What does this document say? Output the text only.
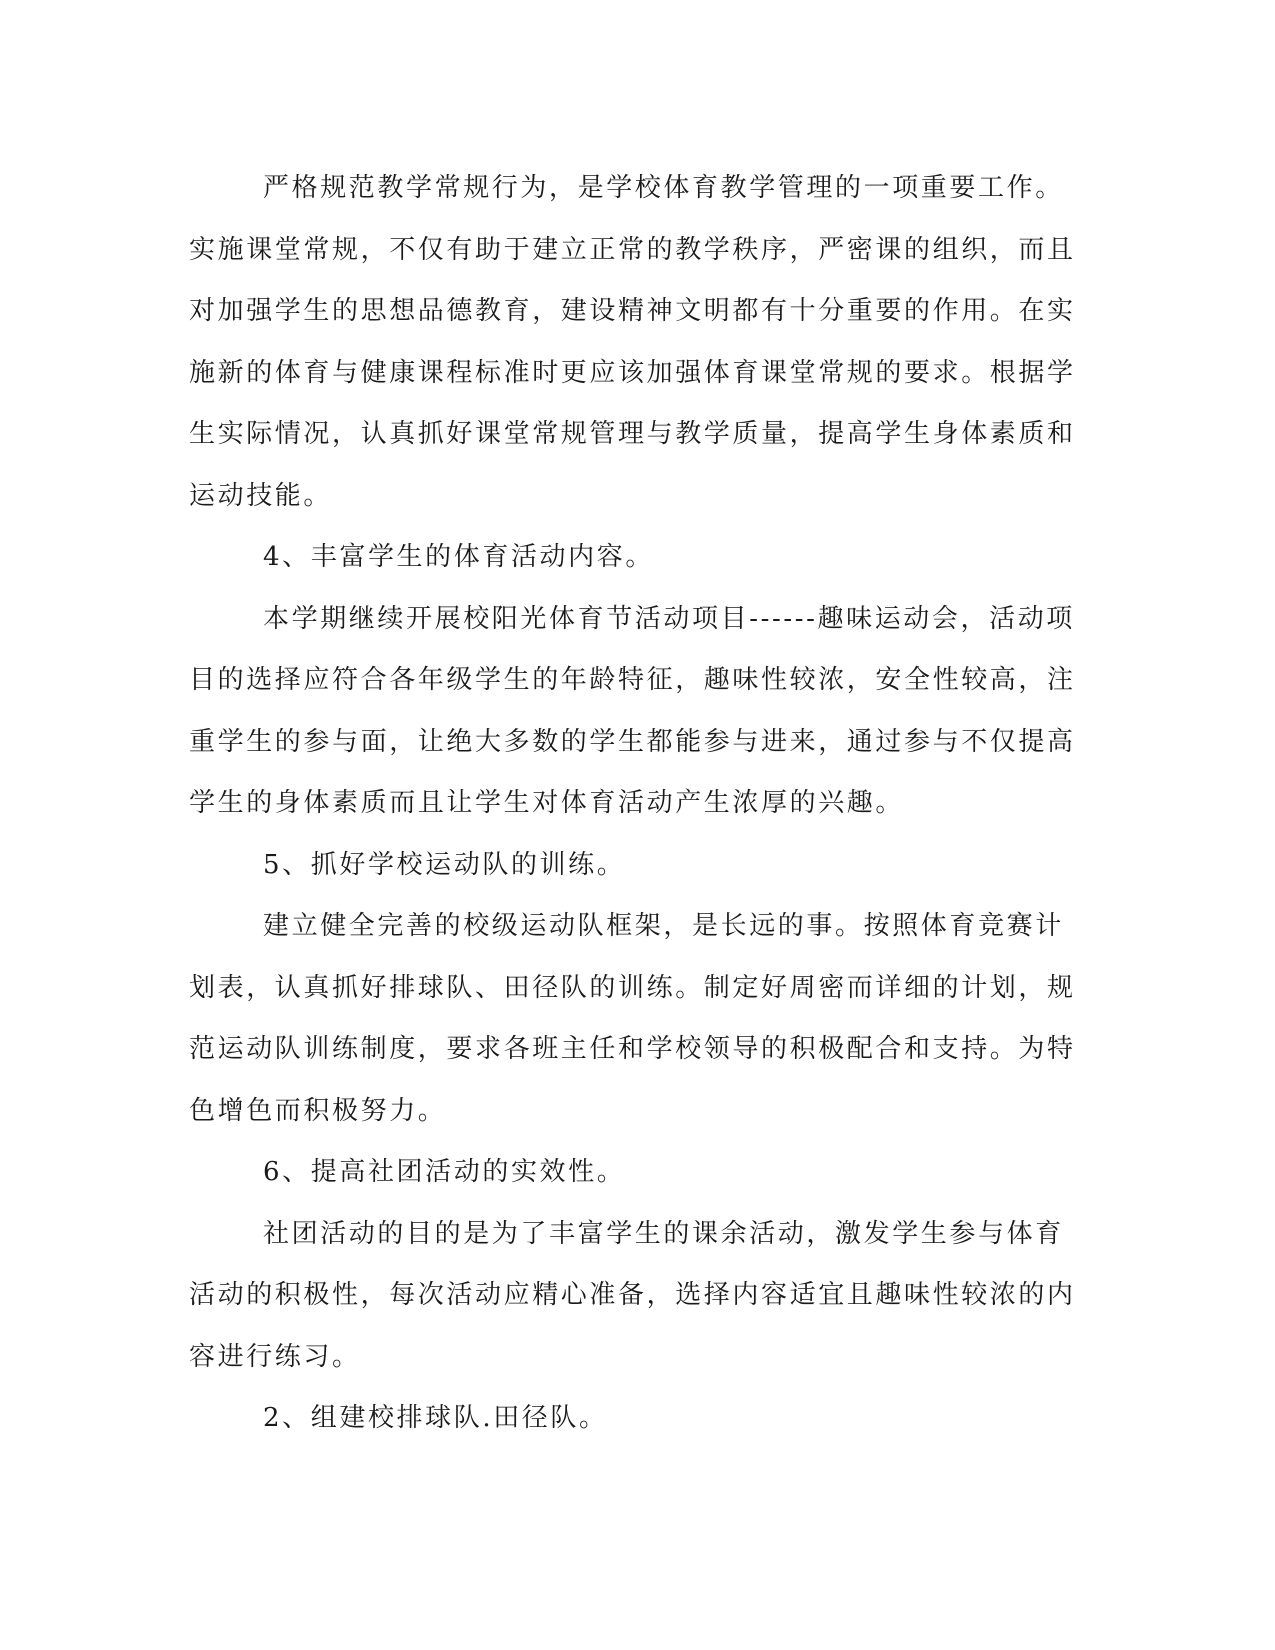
严格规范教学常规行为，是学校体育教学管理的一项重要工作。实施课堂常规，不仅有助于建立正常的教学秩序，严密课的组织，而且对加强学生的思想品德教育，建设精神文明都有十分重要的作用。在实施新的体育与健康课程标准时更应该加强体育课堂常规的要求。根据学生实际情况，认真抓好课堂常规管理与教学质量，提高学生身体素质和运动技能。

4、丰富学生的体育活动内容。

本学期继续开展校阳光体育节活动项目------趣味运动会，活动项目的选择应符合各年级学生的年龄特征，趣味性较浓，安全性较高，注重学生的参与面，让绝大多数的学生都能参与进来，通过参与不仅提高学生的身体素质而且让学生对体育活动产生浓厚的兴趣。

5、抓好学校运动队的训练。

建立健全完善的校级运动队框架，是长远的事。按照体育竞赛计划表，认真抓好排球队、田径队的训练。制定好周密而详细的计划，规范运动队训练制度，要求各班主任和学校领导的积极配合和支持。为特色增色而积极努力。

6、提高社团活动的实效性。

社团活动的目的是为了丰富学生的课余活动，激发学生参与体育活动的积极性，每次活动应精心准备，选择内容适宜且趣味性较浓的内容进行练习。

2、组建校排球队.田径队。
